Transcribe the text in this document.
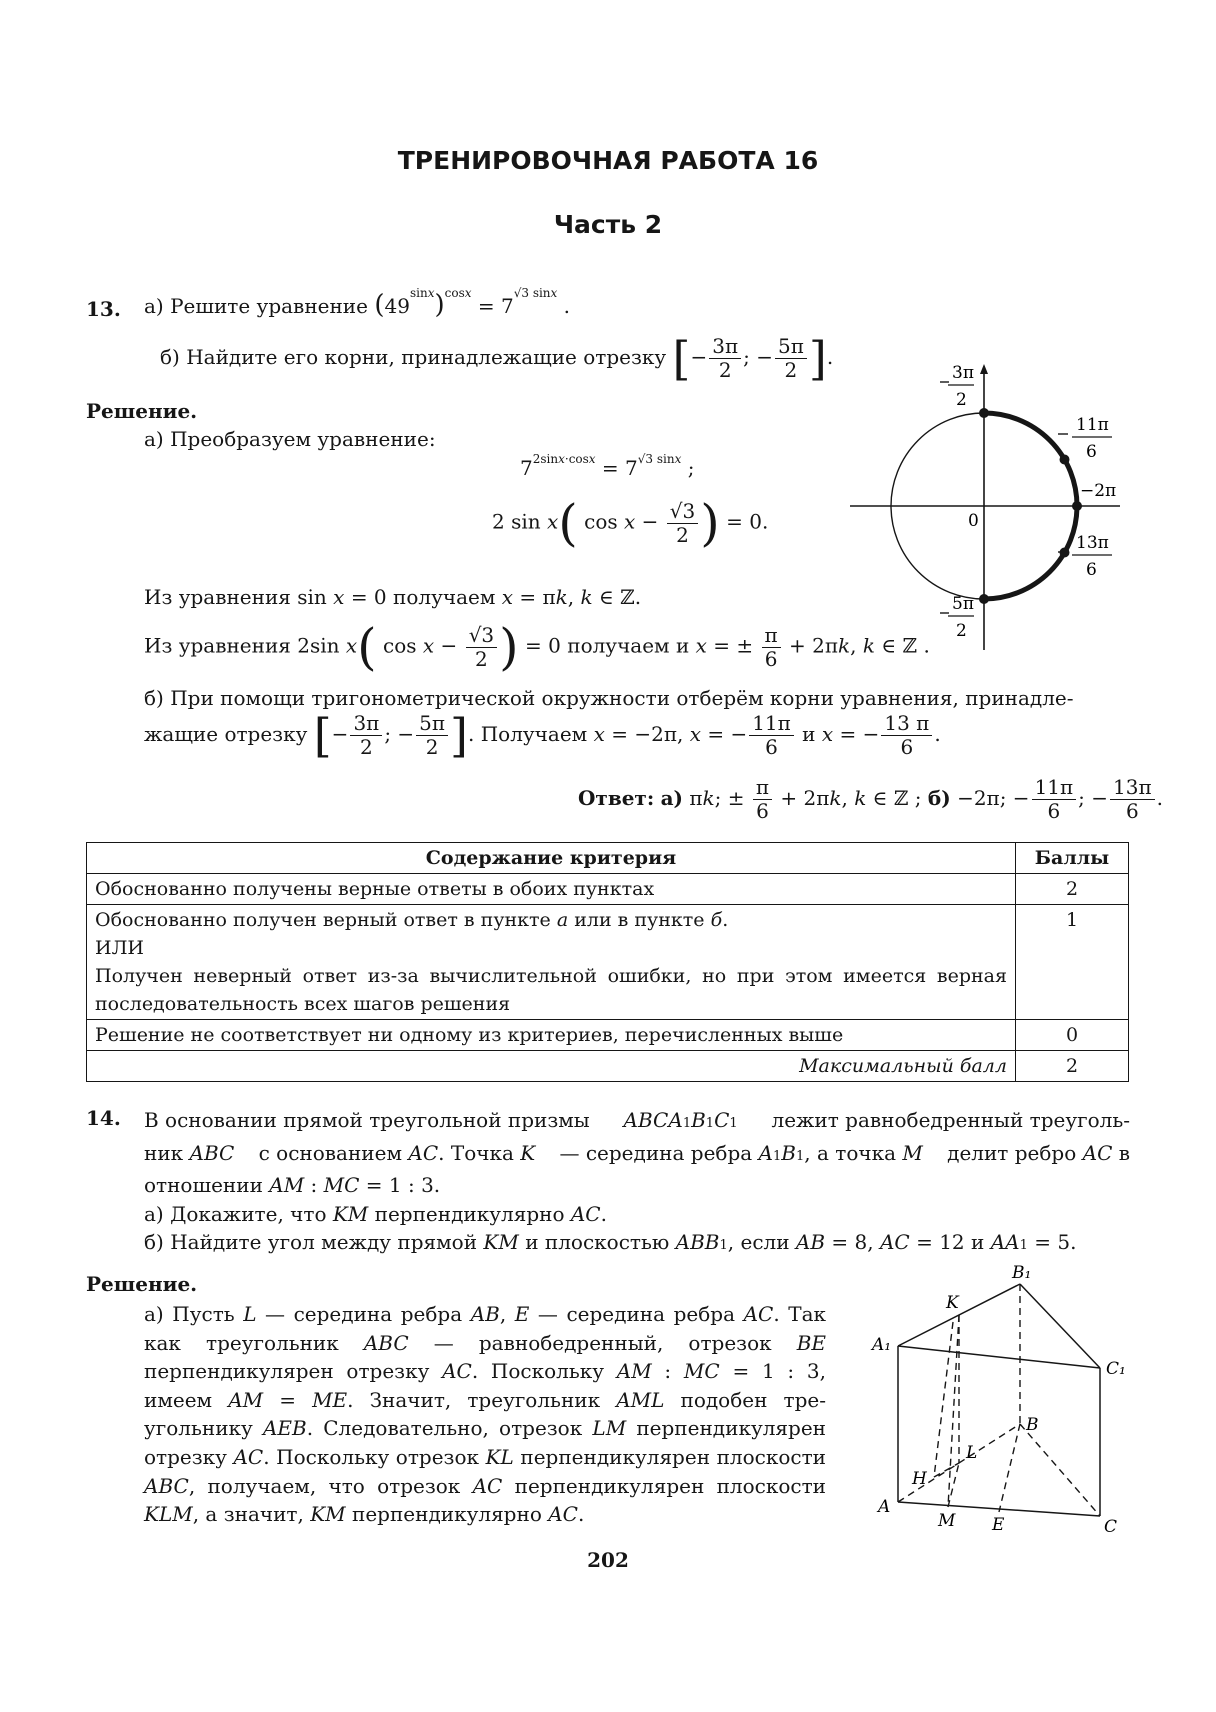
ТРЕНИРОВОЧНАЯ РАБОТА 16
Часть 2
13. а) Решите уравнение $(49^{sinx})^{cosx} = 7^{√3 sinx}$ .
б) Найдите его корни, принадлежащие отрезку [− $\frac{3\pi}{2}$ ; − $\frac{5\pi}{2}$ ].
Решение.
а) Преобразуем уравнение:
$7^{2sinx\cdot cosx} = 7^{√3 sinx}$ ;
2 sin x( $\cos x - \frac{√3}{2}$ ) = 0.
Из уравнения sin x = 0 получаем x = πk, k ∈ ℤ.
Из уравнения 2sin x( $\cos x - \frac{√3}{2}$ ) = 0 получаем и x = ± $\frac{\pi}{6} + 2\pi k$, k ∈ ℤ .
б) При помощи тригонометрической окружности отберём корни уравнения, принадле-
жащие отрезку [− $\frac{3\pi}{2}$ ; − $\frac{5\pi}{2}$ ]. Получаем x = −2π, x = − $\frac{11\pi}{6}$ и x = − $\frac{13 \pi}{6}$ .
Ответ: а) πk; ± $\frac{\pi}{6} + 2\pi k$, k ∈ ℤ ; б) −2π; − $\frac{11\pi}{6}$ ; − $\frac{13\pi}{6}$ .
3π
2
11π
6
−2π
0
13π
6
5π
2
Содержание критерия	Баллы
Обоснованно получены верные ответы в обоих пунктах	2
Обоснованно получен верный ответ в пункте а или в пункте б.
ИЛИ

Получен неверный ответ из-за вычислительной ошибки, но при этом имеется верная последовательность всех шагов решения	1
Решение не соответствует ни одному из критериев, перечисленных выше	0
Максимальный балл	2
14. В основании прямой треугольной призмы ABCA1B1C1 лежит равнобедренный треуголь-
ник ABC с основанием AC. Точка K — середина ребра A1B1, а точка M делит ребро AC в
отношении AM : MC = 1 : 3.
а) Докажите, что KM перпендикулярно AC.
б) Найдите угол между прямой KM и плоскостью ABB1, если AB = 8, AC = 12 и AA1 = 5.
Решение.
а) Пусть L — середина ребра AB, E — середина ребра AC. Так как треугольник ABC — равнобедренный, отрезок BE перпендикулярен отрезку AC. Поскольку AM : MC = 1 : 3, имеем AM = ME. Значит, треугольник AML подобен треугольнику AEB. Следовательно, отрезок LM перпендикулярен отрезку AC. Поскольку отрезок KL перпендикулярен плоскости ABC, получаем, что отрезок AC перпендикулярен плоскости KLM, а значит, KM перпендикулярно AC.
B₁
K
A₁
C₁
B
L
H
A
M E	C
202
